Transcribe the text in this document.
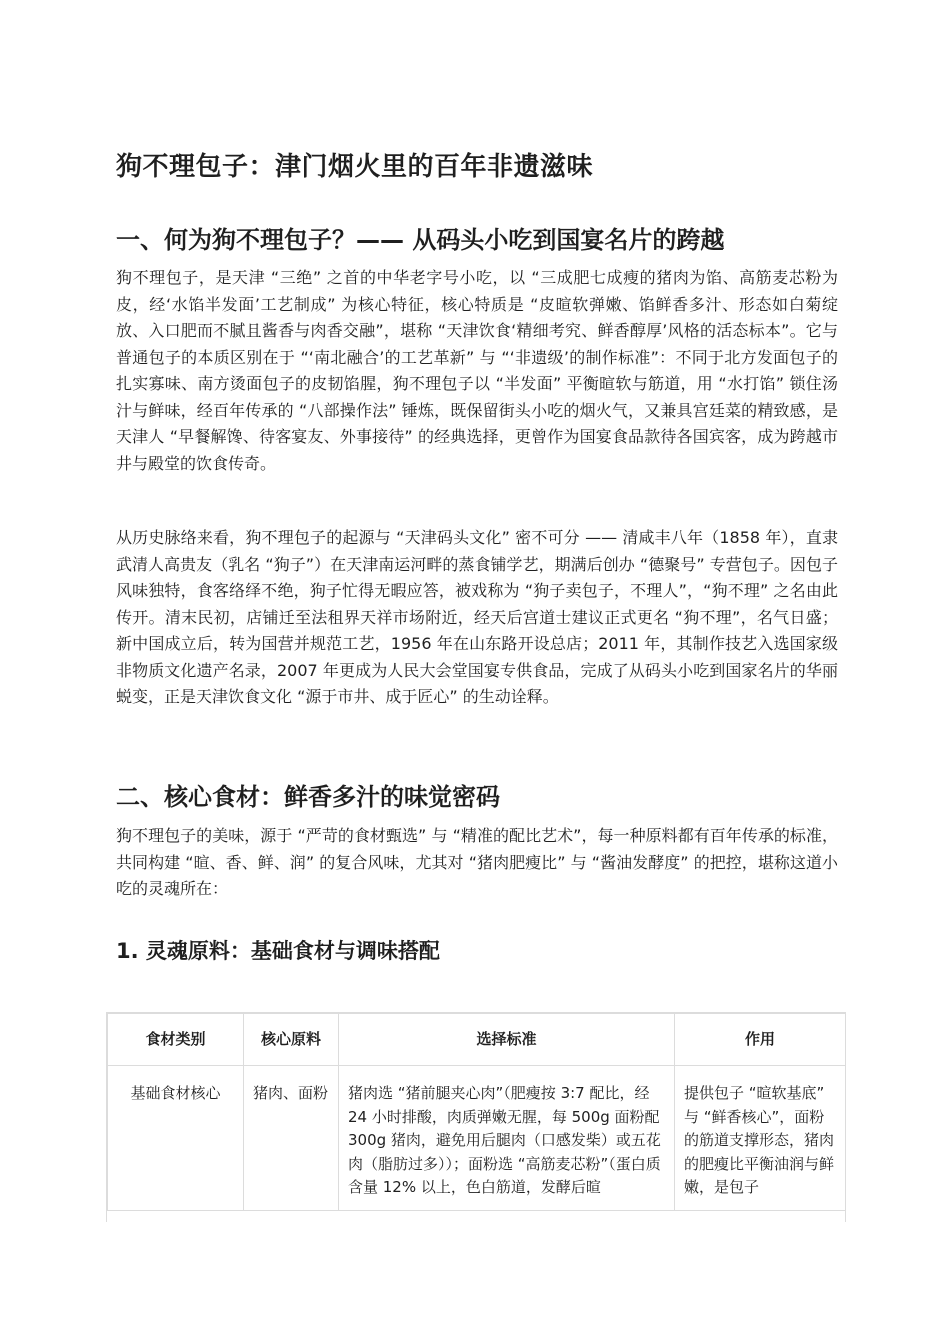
狗不理包子：津门烟火里的百年非遗滋味
一、何为狗不理包子？—— 从码头小吃到国宴名片的跨越

狗不理包子，是天津 “三绝” 之首的中华老字号小吃，以 “三成肥七成瘦的猪肉为馅、高筋麦芯粉为皮，经‘水馅半发面’工艺制成” 为核心特征，核心特质是 “皮暄软弹嫩、馅鲜香多汁、形态如白菊绽放、入口肥而不腻且酱香与肉香交融”，堪称 “天津饮食‘精细考究、鲜香醇厚’风格的活态标本”。它与普通包子的本质区别在于 “‘南北融合’的工艺革新” 与 “‘非遗级’的制作标准”：不同于北方发面包子的扎实寡味、南方烫面包子的皮韧馅腥，狗不理包子以 “半发面” 平衡暄软与筋道，用 “水打馅” 锁住汤汁与鲜味，经百年传承的 “八部操作法” 锤炼，既保留街头小吃的烟火气，又兼具宫廷菜的精致感，是天津人 “早餐解馋、待客宴友、外事接待” 的经典选择，更曾作为国宴食品款待各国宾客，成为跨越市井与殿堂的饮食传奇。

从历史脉络来看，狗不理包子的起源与 “天津码头文化” 密不可分 —— 清咸丰八年（1858 年），直隶武清人高贵友（乳名 “狗子”）在天津南运河畔的蒸食铺学艺，期满后创办 “德聚号” 专营包子。因包子风味独特，食客络绎不绝，狗子忙得无暇应答，被戏称为 “狗子卖包子，不理人”，“狗不理” 之名由此传开。清末民初，店铺迁至法租界天祥市场附近，经天后宫道士建议正式更名 “狗不理”，名气日盛；新中国成立后，转为国营并规范工艺，1956 年在山东路开设总店；2011 年，其制作技艺入选国家级非物质文化遗产名录，2007 年更成为人民大会堂国宴专供食品，完成了从码头小吃到国家名片的华丽蜕变，正是天津饮食文化 “源于市井、成于匠心” 的生动诠释。

二、核心食材：鲜香多汁的味觉密码

狗不理包子的美味，源于 “严苛的食材甄选” 与 “精准的配比艺术”，每一种原料都有百年传承的标准，共同构建 “暄、香、鲜、润” 的复合风味，尤其对 “猪肉肥瘦比” 与 “酱油发酵度” 的把控，堪称这道小吃的灵魂所在：

1. 灵魂原料：基础食材与调味搭配
食材类别	核心原料	选择标准	作用
基础食材核心	猪肉、面粉	猪肉选 “猪前腿夹心肉”（肥瘦按 3:7 配比，经 24 小时排酸，肉质弹嫩无腥，每 500g 面粉配 300g 猪肉，避免用后腿肉（口感发柴）或五花肉（脂肪过多））；面粉选 “高筋麦芯粉”（蛋白质含量 12% 以上，色白筋道，发酵后暄	提供包子 “暄软基底” 与 “鲜香核心”，面粉的筋道支撑形态，猪肉的肥瘦比平衡油润与鲜嫩，是包子
